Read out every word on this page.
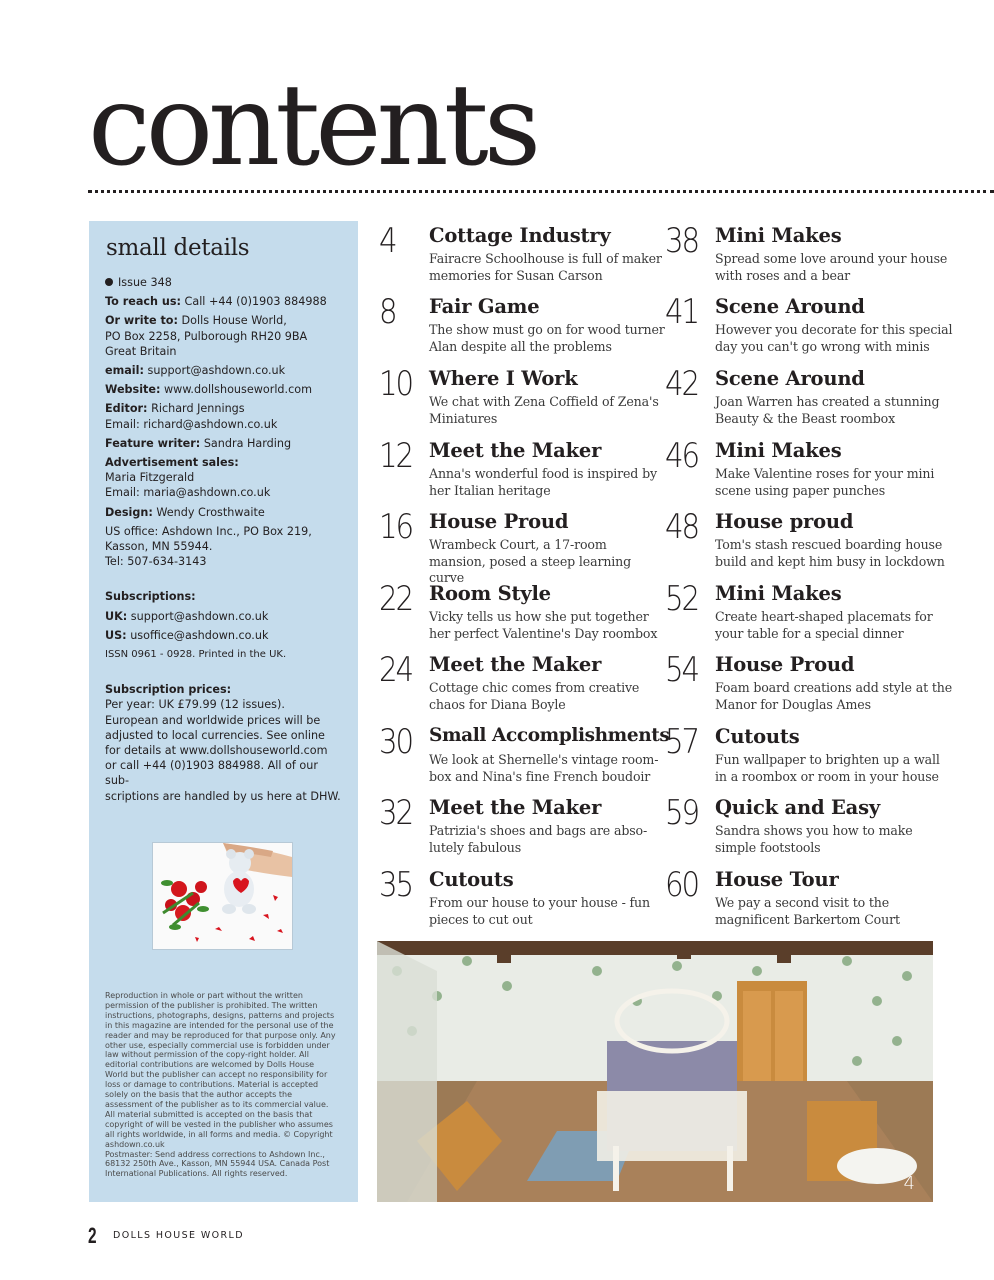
contents
small details
Issue 348
To reach us: Call +44 (0)1903 884988
Or write to: Dolls House World,
PO Box 2258, Pulborough RH20 9BA
Great Britain
email: support@ashdown.co.uk
Website: www.dollshouseworld.com
Editor: Richard Jennings
Email: richard@ashdown.co.uk
Feature writer: Sandra Harding
Advertisement sales:
Maria Fitzgerald
Email: maria@ashdown.co.uk
Design: Wendy Crosthwaite
US office: Ashdown Inc., PO Box 219,
Kasson, MN 55944.
Tel: 507-634-3143
Subscriptions:
UK: support@ashdown.co.uk
US: usoffice@ashdown.co.uk
ISSN 0961 - 0928. Printed in the UK.
Subscription prices:
Per year: UK £79.99 (12 issues).
European and worldwide prices will be
adjusted to local currencies. See online
for details at www.dollshouseworld.com
or call +44 (0)1903 884988. All of our sub-
scriptions are handled by us here at DHW.
Reproduction in whole or part without the written permission of the publisher is prohibited. The written instructions, photographs, designs, patterns and projects in this magazine are intended for the personal use of the reader and may be reproduced for that purpose only. Any other use, especially commercial use is forbidden under law without permission of the copy-right holder. All editorial contributions are welcomed by Dolls House World but the publisher can accept no responsibility for loss or damage to contributions. Material is accepted solely on the basis that the author accepts the assessment of the publisher as to its commercial value. All material submitted is accepted on the basis that copyright of will be vested in the publisher who assumes all rights worldwide, in all forms and media. © Copyright ashdown.co.uk
Postmaster: Send address corrections to Ashdown Inc., 68132 250th Ave., Kasson, MN 55944 USA. Canada Post International Publications. All rights reserved.
4	Cottage Industry
Fairacre Schoolhouse is full of maker memories for Susan Carson
8	Fair Game
The show must go on for wood turner Alan despite all the problems
10 Where I Work
We chat with Zena Coffield of Zena's Miniatures
12 Meet the Maker
Anna's wonderful food is inspired by her Italian heritage
16 House Proud
Wrambeck Court, a 17-room mansion, posed a steep learning curve
22 Room Style
Vicky tells us how she put together her perfect Valentine's Day roombox
24 Meet the Maker
Cottage chic comes from creative chaos for Diana Boyle
30 Small Accomplishments
We look at Shernelle's vintage room-box and Nina's fine French boudoir
32 Meet the Maker
Patrizia's shoes and bags are abso-lutely fabulous
35 Cutouts
From our house to your house - fun pieces to cut out
38 Mini Makes
Spread some love around your house with roses and a bear
41 Scene Around
However you decorate for this special day you can't go wrong with minis
42 Scene Around
Joan Warren has created a stunning Beauty & the Beast roombox
46 Mini Makes
Make Valentine roses for your mini scene using paper punches
48 House proud
Tom's stash rescued boarding house build and kept him busy in lockdown
52 Mini Makes
Create heart-shaped placemats for your table for a special dinner
54 House Proud
Foam board creations add style at the Manor for Douglas Ames
57 Cutouts
Fun wallpaper to brighten up a wall in a roombox or room in your house
59 Quick and Easy
Sandra shows you how to make simple footstools
60 House Tour
We pay a second visit to the magnificent Barkertom Court
4
2 DOLLS HOUSE WORLD
